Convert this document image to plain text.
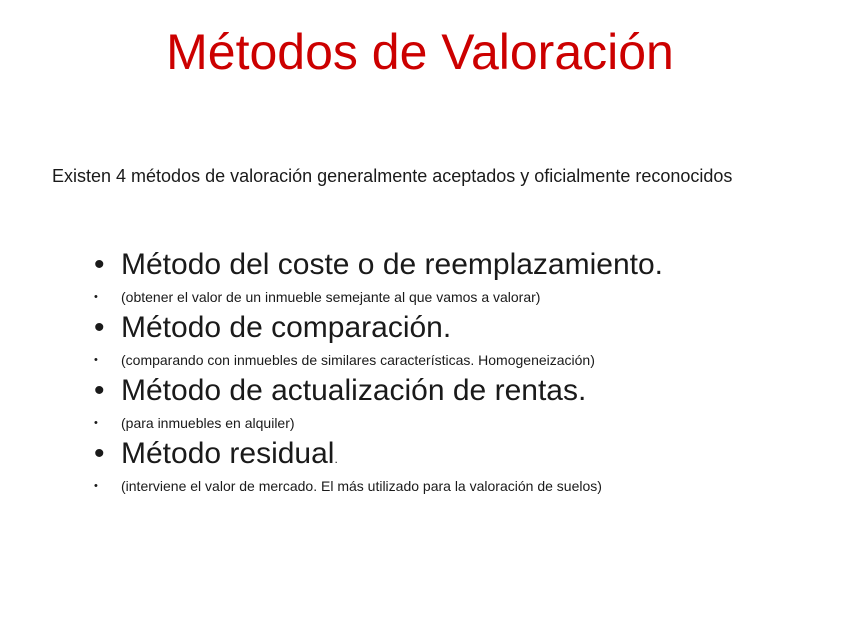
Métodos de Valoración

Existen 4 métodos de valoración generalmente aceptados y oficialmente reconocidos

• Método del coste o de reemplazamiento.
• (obtener el valor de un inmueble semejante al que vamos a valorar)
• Método de comparación.
• (comparando con inmuebles de similares características. Homogeneización)
• Método de actualización de rentas.
• (para inmuebles en alquiler)
• Método residual.
• (interviene el valor de mercado. El más utilizado para la valoración de suelos)
